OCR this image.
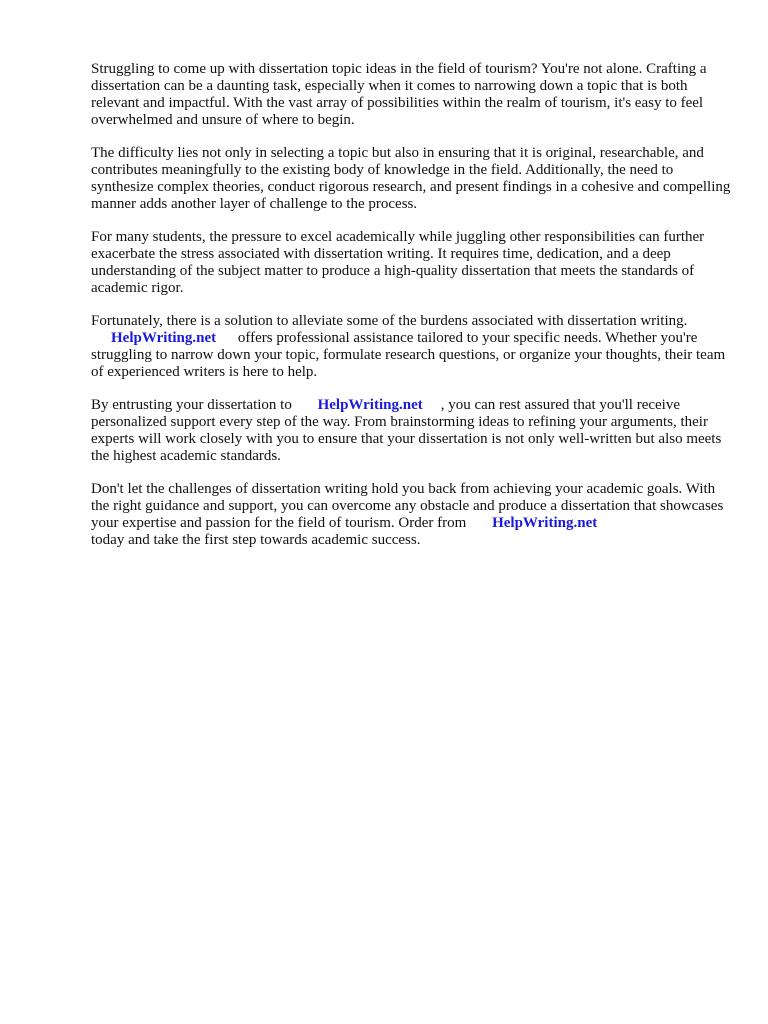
Struggling to come up with dissertation topic ideas in the field of tourism? You're not alone. Crafting a dissertation can be a daunting task, especially when it comes to narrowing down a topic that is both relevant and impactful. With the vast array of possibilities within the realm of tourism, it's easy to feel overwhelmed and unsure of where to begin.

The difficulty lies not only in selecting a topic but also in ensuring that it is original, researchable, and contributes meaningfully to the existing body of knowledge in the field. Additionally, the need to synthesize complex theories, conduct rigorous research, and present findings in a cohesive and compelling manner adds another layer of challenge to the process.

For many students, the pressure to excel academically while juggling other responsibilities can further exacerbate the stress associated with dissertation writing. It requires time, dedication, and a deep understanding of the subject matter to produce a high-quality dissertation that meets the standards of academic rigor.

Fortunately, there is a solution to alleviate some of the burdens associated with dissertation writing.
HelpWriting.net offers professional assistance tailored to your specific needs. Whether you're struggling to narrow down your topic, formulate research questions, or organize your thoughts, their team of experienced writers is here to help.

By entrusting your dissertation to HelpWriting.net , you can rest assured that you'll receive personalized support every step of the way. From brainstorming ideas to refining your arguments, their experts will work closely with you to ensure that your dissertation is not only well-written but also meets the highest academic standards.

Don't let the challenges of dissertation writing hold you back from achieving your academic goals. With the right guidance and support, you can overcome any obstacle and produce a dissertation that showcases your expertise and passion for the field of tourism. Order from HelpWriting.net
today and take the first step towards academic success.
